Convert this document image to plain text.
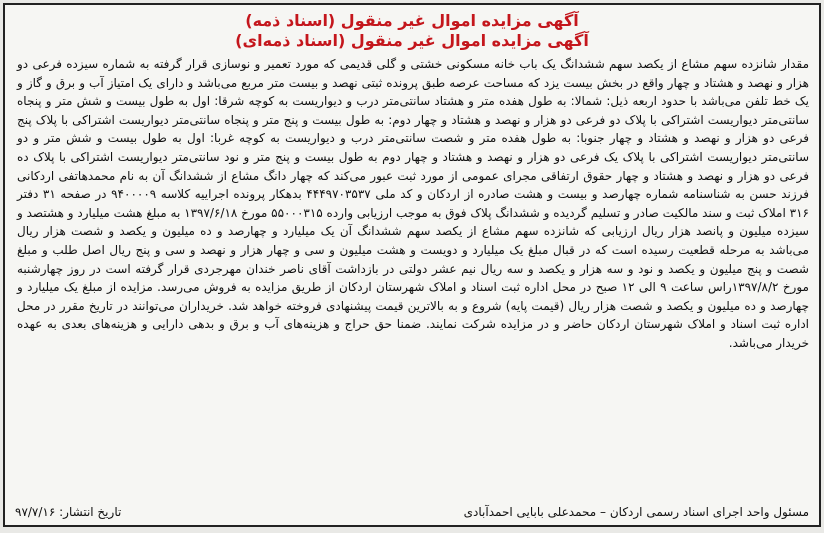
آگهی مزایده اموال غیر منقول (اسناد ذمه)
آگهی مزایده اموال غیر منقول (اسناد ذمه‌ای)

مقدار شانزده سهم مشاع از یکصد سهم ششدانگ یک باب خانه مسکونی خشتی و گلی قدیمی که مورد تعمیر و نوسازی قرار گرفته به شماره سیزده فرعی دو هزار و نهصد و هشتاد و چهار واقع در بخش بیست یزد که مساحت عرصه طبق پرونده ثبتی نهصد و بیست متر مربع می‌باشد و دارای یک امتیاز آب و برق و گاز و یک خط تلفن می‌باشد با حدود اربعه ذیل: شمالا: به طول هفده متر و هشتاد سانتی‌متر درب و دیواریست به کوچه شرقا: اول به طول بیست و شش متر و پنجاه سانتی‌متر دیواریست اشتراکی با پلاک دو فرعی دو هزار و نهصد و هشتاد و چهار دوم: به طول بیست و پنج متر و پنجاه سانتی‌متر دیواریست اشتراکی با پلاک پنج فرعی دو هزار و نهصد و هشتاد و چهار جنوبا: به طول هفده متر و شصت سانتی‌متر درب و دیواریست به کوچه غربا: اول به طول بیست و شش متر و دو سانتی‌متر دیواریست اشتراکی با پلاک یک فرعی دو هزار و نهصد و هشتاد و چهار دوم به طول بیست و پنج متر و نود سانتی‌متر دیواریست اشتراکی با پلاک ده فرعی دو هزار و نهصد و هشتاد و چهار حقوق ارتفاقی مجرای عمومی از مورد ثبت عبور می‌کند که چهار دانگ مشاع از ششدانگ آن به نام محمدهاتفی اردکانی فرزند حسن به شناسنامه شماره چهارصد و بیست و هشت صادره از اردکان و کد ملی ۴۴۴۹۷۰۳۵۳۷ بدهکار پرونده اجراییه کلاسه ۹۴۰۰۰۰۹ در صفحه ۳۱ دفتر ۳۱۶ املاک ثبت و سند مالکیت صادر و تسلیم گردیده و ششدانگ پلاک فوق به موجب ارزیابی وارده ۵۵۰۰۰۳۱۵ مورخ ۱۳۹۷/۶/۱۸ به مبلغ هشت میلیارد و هشتصد و سیزده میلیون و پانصد هزار ریال ارزیابی که شانزده سهم مشاع از یکصد سهم ششدانگ آن یک میلیارد و چهارصد و ده میلیون و یکصد و شصت هزار ریال می‌باشد به مرحله قطعیت رسیده است که در قبال مبلغ یک میلیارد و دویست و هشت میلیون و سی و چهار هزار و نهصد و سی و پنج ریال اصل طلب و مبلغ شصت و پنج میلیون و یکصد و نود و سه هزار و یکصد و سه ریال نیم عشر دولتی در بازداشت آقای ناصر خندان مهرجردی قرار گرفته است در روز چهارشنبه مورخ ۱۳۹۷/۸/۲راس ساعت ۹ الی ۱۲ صبح در محل اداره ثبت اسناد و املاک شهرستان اردکان از طریق مزایده به فروش می‌رسد. مزایده از مبلغ یک میلیارد و چهارصد و ده میلیون و یکصد و شصت هزار ریال (قیمت پایه) شروع و به بالاترین قیمت پیشنهادی فروخته خواهد شد. خریداران می‌توانند در تاریخ مقرر در محل اداره ثبت اسناد و املاک شهرستان اردکان حاضر و در مزایده شرکت نمایند. ضمنا حق حراج و هزینه‌های آب و برق و بدهی دارایی و هزینه‌های بعدی به عهده خریدار می‌باشد.

مسئول واحد اجرای اسناد رسمی اردکان – محمدعلی بابایی احمدآبادی
تاریخ انتشار: ۹۷/۷/۱۶
